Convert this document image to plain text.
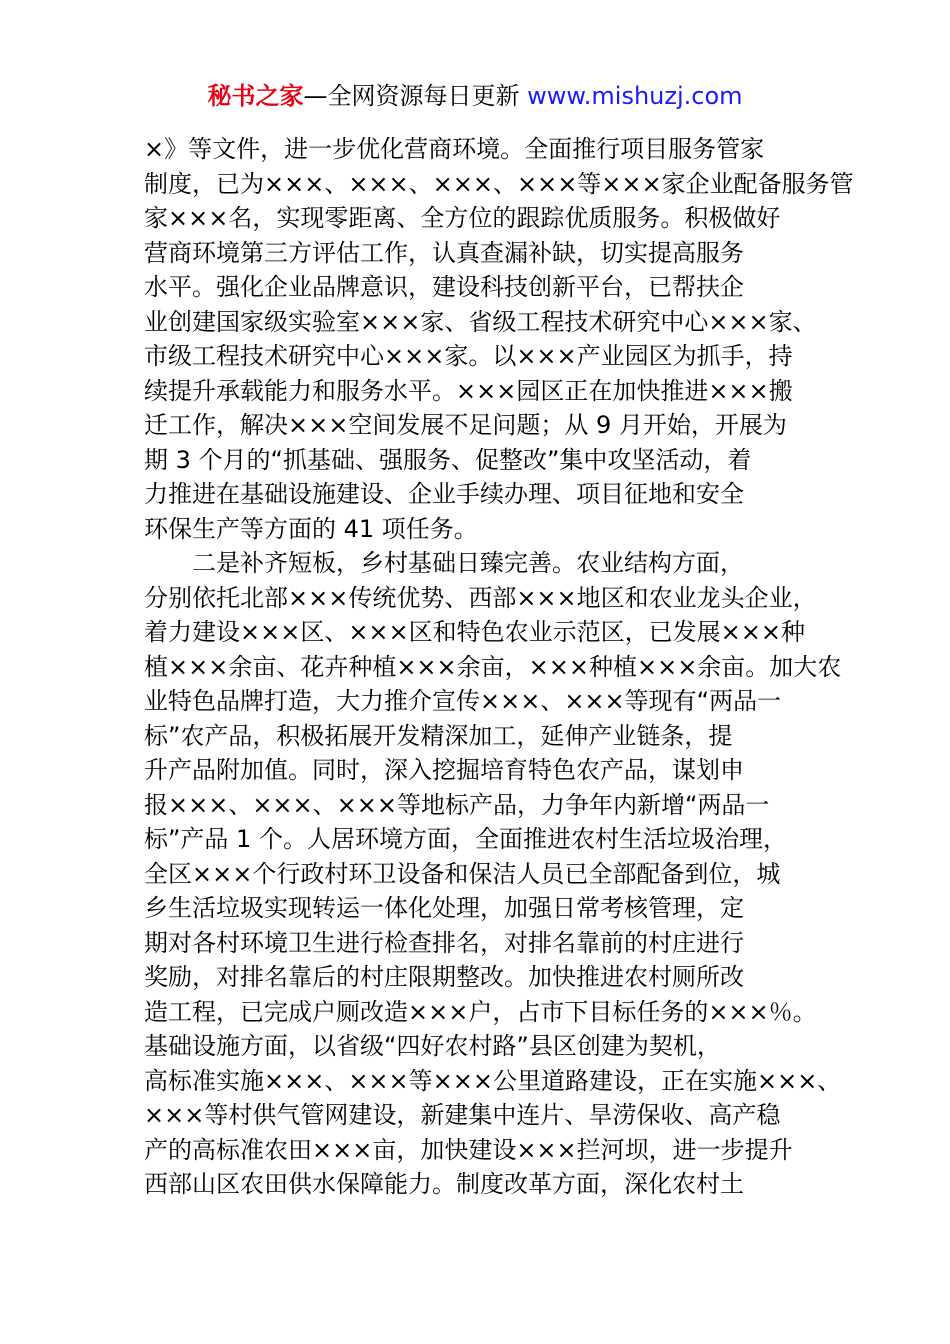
秘书之家—全网资源每日更新 www.mishuzj.com
×》等文件，进一步优化营商环境。全面推行项目服务管家
制度，已为×××、×××、×××、×××等×××家企业配备服务管
家×××名，实现零距离、全方位的跟踪优质服务。积极做好
营商环境第三方评估工作，认真查漏补缺，切实提高服务
水平。强化企业品牌意识，建设科技创新平台，已帮扶企
业创建国家级实验室×××家、省级工程技术研究中心×××家、
市级工程技术研究中心×××家。以×××产业园区为抓手，持
续提升承载能力和服务水平。×××园区正在加快推进×××搬
迁工作，解决×××空间发展不足问题；从 9 月开始，开展为
期 3 个月的“抓基础、强服务、促整改”集中攻坚活动，着
力推进在基础设施建设、企业手续办理、项目征地和安全
环保生产等方面的 41 项任务。
二是补齐短板，乡村基础日臻完善。农业结构方面，
分别依托北部×××传统优势、西部×××地区和农业龙头企业，
着力建设×××区、×××区和特色农业示范区，已发展×××种
植×××余亩、花卉种植×××余亩，×××种植×××余亩。加大农
业特色品牌打造，大力推介宣传×××、×××等现有“两品一
标”农产品，积极拓展开发精深加工，延伸产业链条，提
升产品附加值。同时，深入挖掘培育特色农产品，谋划申
报×××、×××、×××等地标产品，力争年内新增“两品一
标”产品 1 个。人居环境方面，全面推进农村生活垃圾治理，
全区×××个行政村环卫设备和保洁人员已全部配备到位，城
乡生活垃圾实现转运一体化处理，加强日常考核管理，定
期对各村环境卫生进行检查排名，对排名靠前的村庄进行
奖励，对排名靠后的村庄限期整改。加快推进农村厕所改
造工程，已完成户厕改造×××户，占市下目标任务的×××％。
基础设施方面，以省级“四好农村路”县区创建为契机，
高标准实施×××、×××等×××公里道路建设，正在实施×××、
×××等村供气管网建设，新建集中连片、旱涝保收、高产稳
产的高标准农田×××亩，加快建设×××拦河坝，进一步提升
西部山区农田供水保障能力。制度改革方面，深化农村土
